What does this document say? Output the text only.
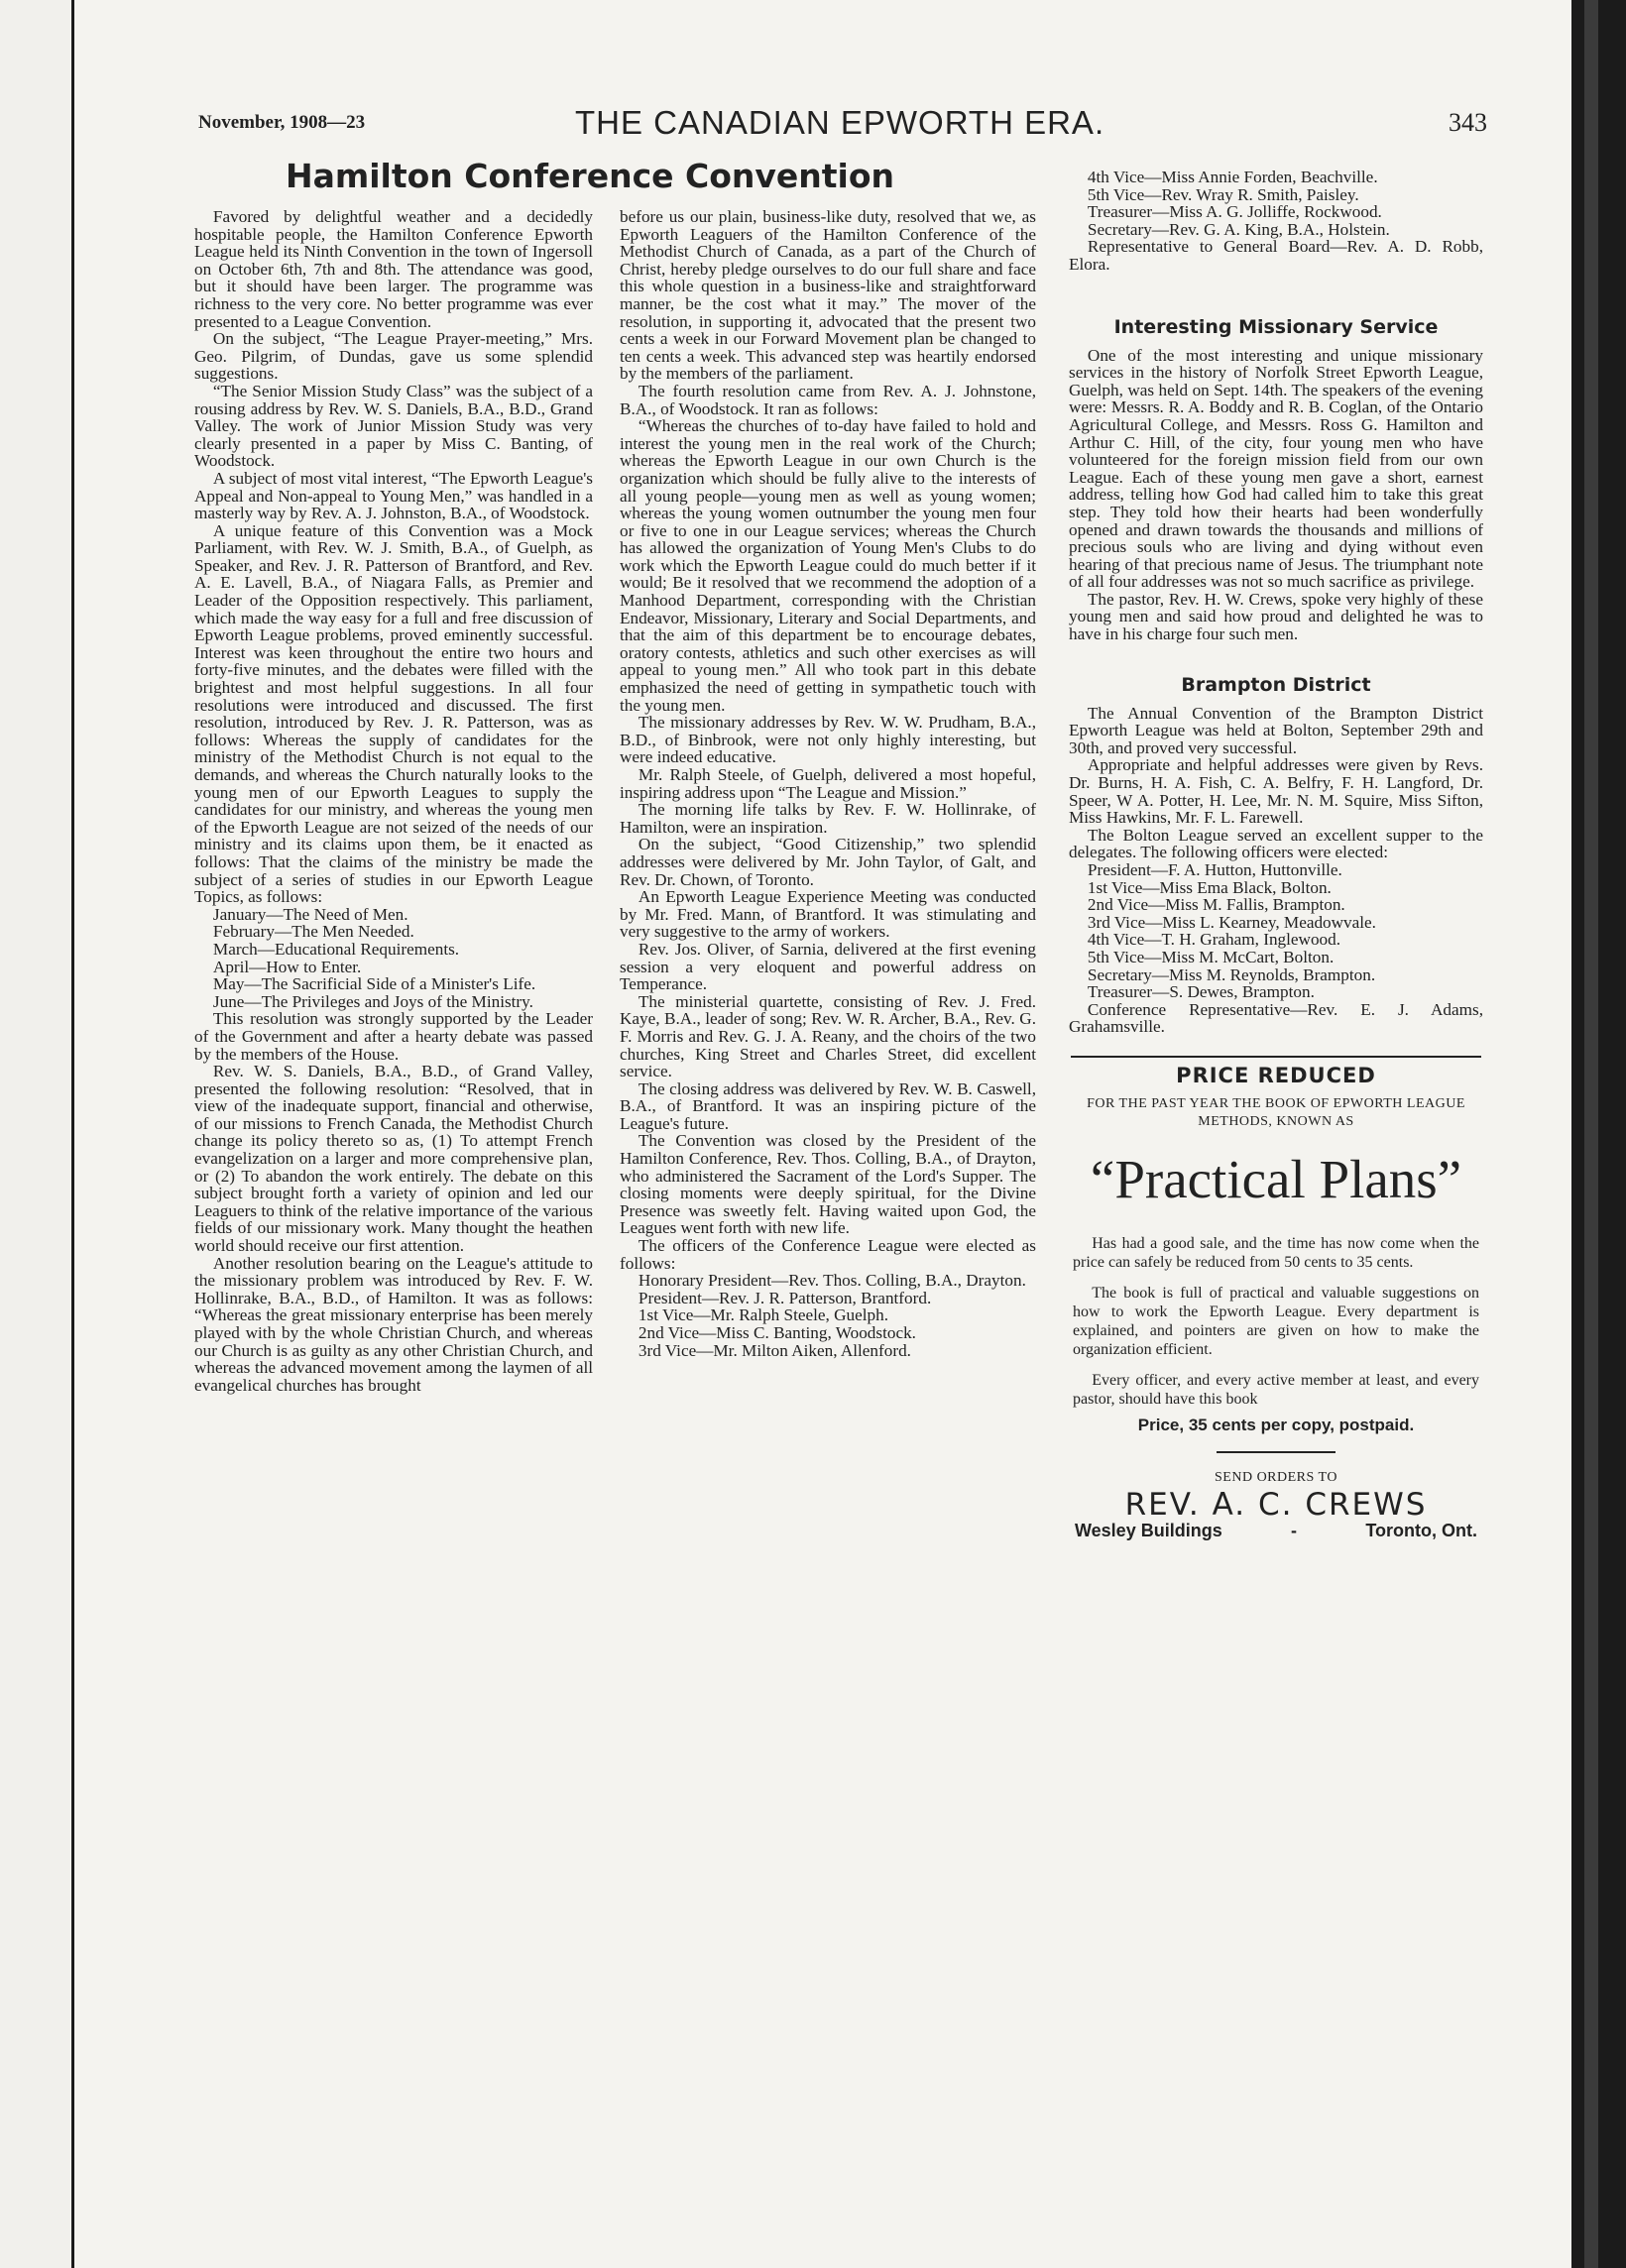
November, 1908—23	THE CANADIAN EPWORTH ERA.	343
Hamilton Conference Convention

Favored by delightful weather and a decidedly hospitable people, the Hamilton Conference Epworth League held its Ninth Convention in the town of Ingersoll on October 6th, 7th and 8th. The attendance was good, but it should have been larger. The programme was richness to the very core. No better programme was ever presented to a League Convention.

On the subject, “The League Prayer-meeting,” Mrs. Geo. Pilgrim, of Dundas, gave us some splendid suggestions.

“The Senior Mission Study Class” was the subject of a rousing address by Rev. W. S. Daniels, B.A., B.D., Grand Valley. The work of Junior Mission Study was very clearly presented in a paper by Miss C. Banting, of Woodstock.

A subject of most vital interest, “The Epworth League's Appeal and Non-appeal to Young Men,” was handled in a masterly way by Rev. A. J. Johnston, B.A., of Woodstock.

A unique feature of this Convention was a Mock Parliament, with Rev. W. J. Smith, B.A., of Guelph, as Speaker, and Rev. J. R. Patterson of Brantford, and Rev. A. E. Lavell, B.A., of Niagara Falls, as Premier and Leader of the Opposition respectively. This parliament, which made the way easy for a full and free discussion of Epworth League problems, proved eminently successful. Interest was keen throughout the entire two hours and forty-five minutes, and the debates were filled with the brightest and most helpful suggestions. In all four resolutions were introduced and discussed. The first resolution, introduced by Rev. J. R. Patterson, was as follows: Whereas the supply of candidates for the ministry of the Methodist Church is not equal to the demands, and whereas the Church naturally looks to the young men of our Epworth Leagues to supply the candidates for our ministry, and whereas the young men of the Epworth League are not seized of the needs of our ministry and its claims upon them, be it enacted as follows: That the claims of the ministry be made the subject of a series of studies in our Epworth League Topics, as follows:

January—The Need of Men.

February—The Men Needed.

March—Educational Requirements.

April—How to Enter.

May—The Sacrificial Side of a Minister's Life.

June—The Privileges and Joys of the Ministry.

This resolution was strongly supported by the Leader of the Government and after a hearty debate was passed by the members of the House.

Rev. W. S. Daniels, B.A., B.D., of Grand Valley, presented the following resolution: “Resolved, that in view of the inadequate support, financial and otherwise, of our missions to French Canada, the Methodist Church change its policy thereto so as, (1) To attempt French evangelization on a larger and more comprehensive plan, or (2) To abandon the work entirely. The debate on this subject brought forth a variety of opinion and led our Leaguers to think of the relative importance of the various fields of our missionary work. Many thought the heathen world should receive our first attention.

Another resolution bearing on the League's attitude to the missionary problem was introduced by Rev. F. W. Hollinrake, B.A., B.D., of Hamilton. It was as follows: “Whereas the great missionary enterprise has been merely played with by the whole Christian Church, and whereas our Church is as guilty as any other Christian Church, and whereas the advanced movement among the laymen of all evangelical churches has brought

before us our plain, business-like duty, resolved that we, as Epworth Leaguers of the Hamilton Conference of the Methodist Church of Canada, as a part of the Church of Christ, hereby pledge ourselves to do our full share and face this whole question in a business-like and straightforward manner, be the cost what it may.” The mover of the resolution, in supporting it, advocated that the present two cents a week in our Forward Movement plan be changed to ten cents a week. This advanced step was heartily endorsed by the members of the parliament.

The fourth resolution came from Rev. A. J. Johnstone, B.A., of Woodstock. It ran as follows:

“Whereas the churches of to-day have failed to hold and interest the young men in the real work of the Church; whereas the Epworth League in our own Church is the organization which should be fully alive to the interests of all young people—young men as well as young women; whereas the young women outnumber the young men four or five to one in our League services; whereas the Church has allowed the organization of Young Men's Clubs to do work which the Epworth League could do much better if it would; Be it resolved that we recommend the adoption of a Manhood Department, corresponding with the Christian Endeavor, Missionary, Literary and Social Departments, and that the aim of this department be to encourage debates, oratory contests, athletics and such other exercises as will appeal to young men.” All who took part in this debate emphasized the need of getting in sympathetic touch with the young men.

The missionary addresses by Rev. W. W. Prudham, B.A., B.D., of Binbrook, were not only highly interesting, but were indeed educative.

Mr. Ralph Steele, of Guelph, delivered a most hopeful, inspiring address upon “The League and Mission.”

The morning life talks by Rev. F. W. Hollinrake, of Hamilton, were an inspiration.

On the subject, “Good Citizenship,” two splendid addresses were delivered by Mr. John Taylor, of Galt, and Rev. Dr. Chown, of Toronto.

An Epworth League Experience Meeting was conducted by Mr. Fred. Mann, of Brantford. It was stimulating and very suggestive to the army of workers.

Rev. Jos. Oliver, of Sarnia, delivered at the first evening session a very eloquent and powerful address on Temperance.

The ministerial quartette, consisting of Rev. J. Fred. Kaye, B.A., leader of song; Rev. W. R. Archer, B.A., Rev. G. F. Morris and Rev. G. J. A. Reany, and the choirs of the two churches, King Street and Charles Street, did excellent service.

The closing address was delivered by Rev. W. B. Caswell, B.A., of Brantford. It was an inspiring picture of the League's future.

The Convention was closed by the President of the Hamilton Conference, Rev. Thos. Colling, B.A., of Drayton, who administered the Sacrament of the Lord's Supper. The closing moments were deeply spiritual, for the Divine Presence was sweetly felt. Having waited upon God, the Leagues went forth with new life.

The officers of the Conference League were elected as follows:

Honorary President—Rev. Thos. Colling, B.A., Drayton.

President—Rev. J. R. Patterson, Brantford.

1st Vice—Mr. Ralph Steele, Guelph.

2nd Vice—Miss C. Banting, Woodstock.

3rd Vice—Mr. Milton Aiken, Allenford.

4th Vice—Miss Annie Forden, Beachville.

5th Vice—Rev. Wray R. Smith, Paisley.

Treasurer—Miss A. G. Jolliffe, Rockwood.

Secretary—Rev. G. A. King, B.A., Holstein.

Representative to General Board—Rev. A. D. Robb, Elora.

Interesting Missionary Service

One of the most interesting and unique missionary services in the history of Norfolk Street Epworth League, Guelph, was held on Sept. 14th. The speakers of the evening were: Messrs. R. A. Boddy and R. B. Coglan, of the Ontario Agricultural College, and Messrs. Ross G. Hamilton and Arthur C. Hill, of the city, four young men who have volunteered for the foreign mission field from our own League. Each of these young men gave a short, earnest address, telling how God had called him to take this great step. They told how their hearts had been wonderfully opened and drawn towards the thousands and millions of precious souls who are living and dying without even hearing of that precious name of Jesus. The triumphant note of all four addresses was not so much sacrifice as privilege.

The pastor, Rev. H. W. Crews, spoke very highly of these young men and said how proud and delighted he was to have in his charge four such men.

Brampton District

The Annual Convention of the Brampton District Epworth League was held at Bolton, September 29th and 30th, and proved very successful.

Appropriate and helpful addresses were given by Revs. Dr. Burns, H. A. Fish, C. A. Belfry, F. H. Langford, Dr. Speer, W A. Potter, H. Lee, Mr. N. M. Squire, Miss Sifton, Miss Hawkins, Mr. F. L. Farewell.

The Bolton League served an excellent supper to the delegates. The following officers were elected:

President—F. A. Hutton, Huttonville.

1st Vice—Miss Ema Black, Bolton.

2nd Vice—Miss M. Fallis, Brampton.

3rd Vice—Miss L. Kearney, Meadowvale.

4th Vice—T. H. Graham, Inglewood.

5th Vice—Miss M. McCart, Bolton.

Secretary—Miss M. Reynolds, Brampton.

Treasurer—S. Dewes, Brampton.

Conference Representative—Rev. E. J. Adams, Grahamsville.

PRICE REDUCED
FOR THE PAST YEAR THE BOOK OF EPWORTH LEAGUE METHODS, KNOWN AS
“Practical Plans”

Has had a good sale, and the time has now come when the price can safely be reduced from 50 cents to 35 cents.

The book is full of practical and valuable suggestions on how to work the Epworth League. Every department is explained, and pointers are given on how to make the organization efficient.

Every officer, and every active member at least, and every pastor, should have this book

Price, 35 cents per copy, postpaid.
SEND ORDERS TO
REV. A. C. CREWS
Wesley Buildings	-	Toronto, Ont.
